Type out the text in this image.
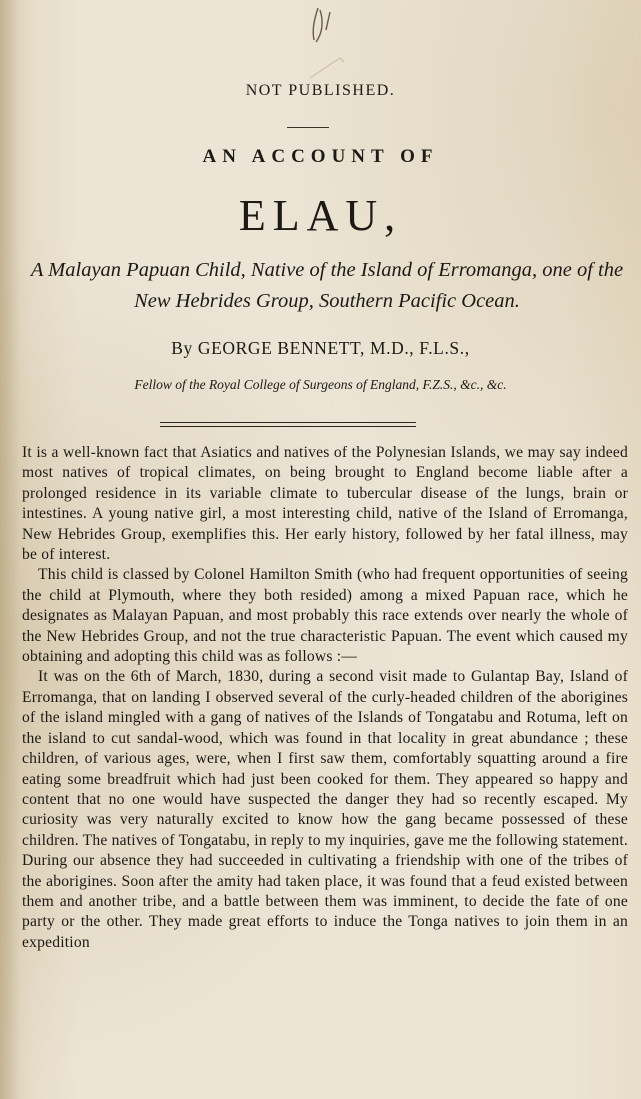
NOT PUBLISHED.
AN ACCOUNT OF
ELAU,
A Malayan Papuan Child, Native of the Island of Erromanga, one of the New Hebrides Group, Southern Pacific Ocean.
By GEORGE BENNETT, M.D., F.L.S.,
Fellow of the Royal College of Surgeons of England, F.Z.S., &c., &c.

It is a well-known fact that Asiatics and natives of the Polynesian Islands, we may say indeed most natives of tropical climates, on being brought to England become liable after a prolonged residence in its variable climate to tubercular disease of the lungs, brain or intestines. A young native girl, a most interesting child, native of the Island of Erromanga, New Hebrides Group, exemplifies this. Her early history, followed by her fatal illness, may be of interest.

This child is classed by Colonel Hamilton Smith (who had frequent opportunities of seeing the child at Plymouth, where they both resided) among a mixed Papuan race, which he designates as Malayan Papuan, and most probably this race extends over nearly the whole of the New Hebrides Group, and not the true characteristic Papuan. The event which caused my obtaining and adopting this child was as follows :—

It was on the 6th of March, 1830, during a second visit made to Gulantap Bay, Island of Erromanga, that on landing I observed several of the curly-headed children of the aborigines of the island mingled with a gang of natives of the Islands of Tongatabu and Rotuma, left on the island to cut sandal-wood, which was found in that locality in great abundance ; these children, of various ages, were, when I first saw them, comfortably squatting around a fire eating some breadfruit which had just been cooked for them. They appeared so happy and content that no one would have suspected the danger they had so recently escaped. My curiosity was very naturally excited to know how the gang became possessed of these children. The natives of Tongatabu, in reply to my inquiries, gave me the following statement. During our absence they had succeeded in cultivating a friendship with one of the tribes of the aborigines. Soon after the amity had taken place, it was found that a feud existed between them and another tribe, and a battle between them was imminent, to decide the fate of one party or the other. They made great efforts to induce the Tonga natives to join them in an expedition
